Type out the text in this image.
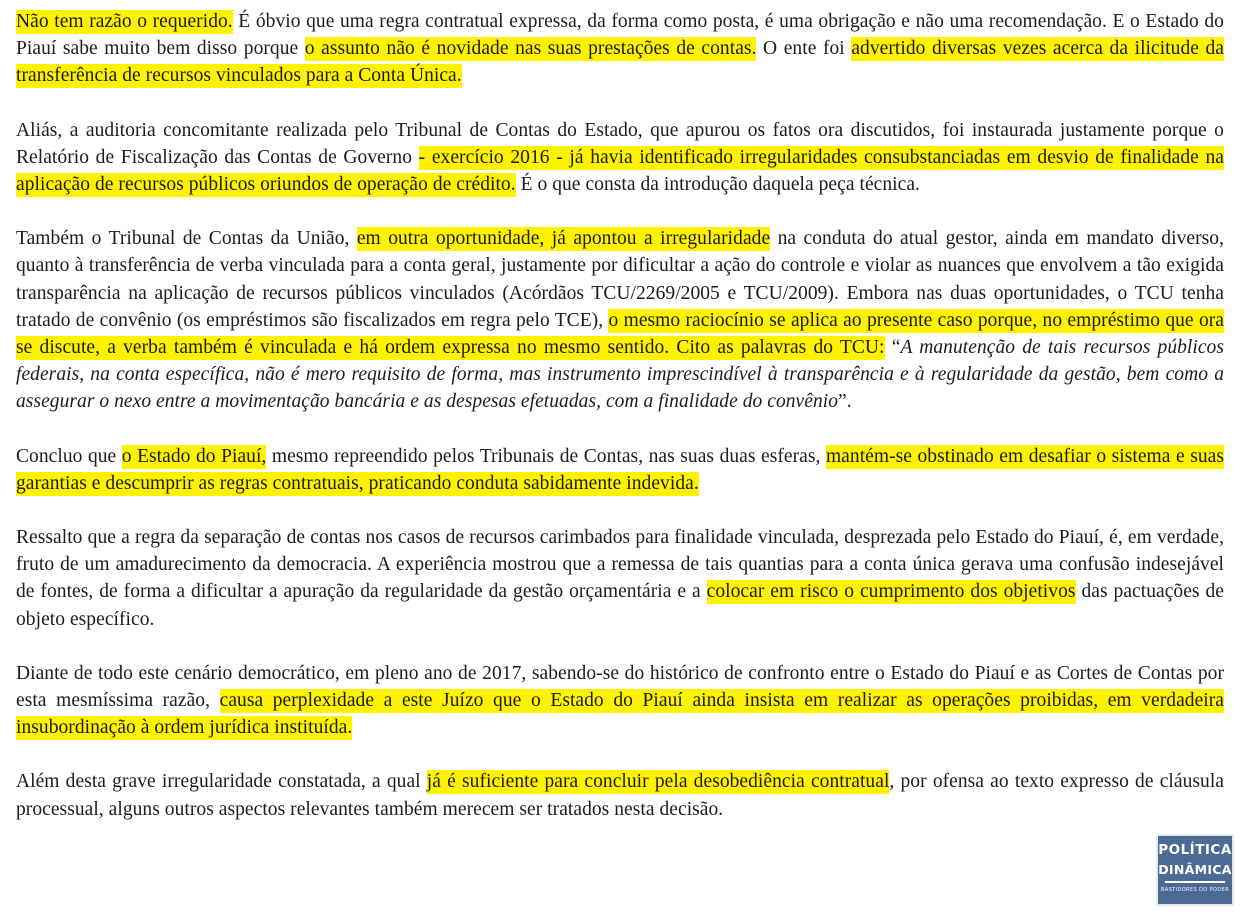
Não tem razão o requerido. É óbvio que uma regra contratual expressa, da forma como posta, é uma obrigação e não uma recomendação. E o Estado do Piauí sabe muito bem disso porque o assunto não é novidade nas suas prestações de contas. O ente foi advertido diversas vezes acerca da ilicitude da transferência de recursos vinculados para a Conta Única.

Aliás, a auditoria concomitante realizada pelo Tribunal de Contas do Estado, que apurou os fatos ora discutidos, foi instaurada justamente porque o Relatório de Fiscalização das Contas de Governo - exercício 2016 - já havia identificado irregularidades consubstanciadas em desvio de finalidade na aplicação de recursos públicos oriundos de operação de crédito. É o que consta da introdução daquela peça técnica.

Também o Tribunal de Contas da União, em outra oportunidade, já apontou a irregularidade na conduta do atual gestor, ainda em mandato diverso, quanto à transferência de verba vinculada para a conta geral, justamente por dificultar a ação do controle e violar as nuances que envolvem a tão exigida transparência na aplicação de recursos públicos vinculados (Acórdãos TCU/2269/2005 e TCU/2009). Embora nas duas oportunidades, o TCU tenha tratado de convênio (os empréstimos são fiscalizados em regra pelo TCE), o mesmo raciocínio se aplica ao presente caso porque, no empréstimo que ora se discute, a verba também é vinculada e há ordem expressa no mesmo sentido. Cito as palavras do TCU: “A manutenção de tais recursos públicos federais, na conta específica, não é mero requisito de forma, mas instrumento imprescindível à transparência e à regularidade da gestão, bem como a assegurar o nexo entre a movimentação bancária e as despesas efetuadas, com a finalidade do convênio”.

Concluo que o Estado do Piauí, mesmo repreendido pelos Tribunais de Contas, nas suas duas esferas, mantém-se obstinado em desafiar o sistema e suas garantias e descumprir as regras contratuais, praticando conduta sabidamente indevida.

Ressalto que a regra da separação de contas nos casos de recursos carimbados para finalidade vinculada, desprezada pelo Estado do Piauí, é, em verdade, fruto de um amadurecimento da democracia. A experiência mostrou que a remessa de tais quantias para a conta única gerava uma confusão indesejável de fontes, de forma a dificultar a apuração da regularidade da gestão orçamentária e a colocar em risco o cumprimento dos objetivos das pactuações de objeto específico.

Diante de todo este cenário democrático, em pleno ano de 2017, sabendo-se do histórico de confronto entre o Estado do Piauí e as Cortes de Contas por esta mesmíssima razão, causa perplexidade a este Juízo que o Estado do Piauí ainda insista em realizar as operações proibidas, em verdadeira insubordinação à ordem jurídica instituída.

Além desta grave irregularidade constatada, a qual já é suficiente para concluir pela desobediência contratual, por ofensa ao texto expresso de cláusula processual, alguns outros aspectos relevantes também merecem ser tratados nesta decisão.

POLÍTICA
DINÂMICA
BASTIDORES DO PODER
